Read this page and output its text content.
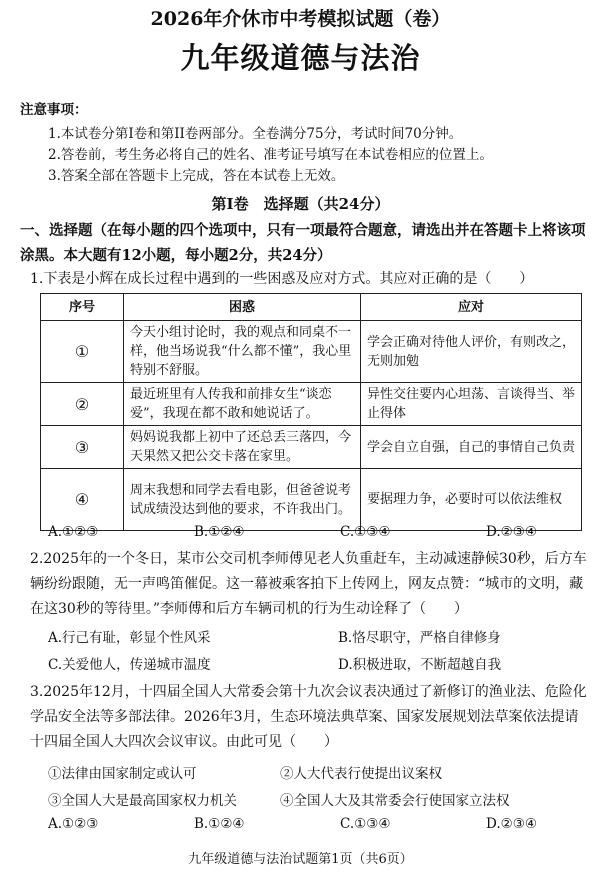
2026年介休市中考模拟试题（卷）
九年级道德与法治
注意事项：
1.本试卷分第I卷和第II卷两部分。全卷满分75分，考试时间70分钟。
2.答卷前，考生务必将自己的姓名、准考证号填写在本试卷相应的位置上。
3.答案全部在答题卡上完成，答在本试卷上无效。
第Ⅰ卷　选择题（共24分）
一、选择题（在每小题的四个选项中，只有一项最符合题意，请选出并在答题卡上将该项涂黑。本大题有12小题，每小题2分，共24分）
1.下表是小辉在成长过程中遇到的一些困惑及应对方式。其应对正确的是（　　）
序号	困惑	应对
①	今天小组讨论时，我的观点和同桌不一样，他当场说我“什么都不懂”，我心里特别不舒服。	学会正确对待他人评价，有则改之，无则加勉
②	最近班里有人传我和前排女生“谈恋爱”，我现在都不敢和她说话了。	异性交往要内心坦荡、言谈得当、举止得体
③	妈妈说我都上初中了还总丢三落四，今天果然又把公交卡落在家里。	学会自立自强，自己的事情自己负责
④	周末我想和同学去看电影，但爸爸说考试成绩没达到他的要求，不许我出门。	要据理力争，必要时可以依法维权
A.①②③	B.①②④	C.①③④	D.②③④
2.2025年的一个冬日，某市公交司机李师傅见老人负重赶车，主动减速静候30秒，后方车辆纷纷跟随，无一声鸣笛催促。这一幕被乘客拍下上传网上，网友点赞：“城市的文明，藏在这30秒的等待里。”李师傅和后方车辆司机的行为生动诠释了（　　）
A.行己有耻，彰显个性风采	B.恪尽职守，严格自律修身
C.关爱他人，传递城市温度	D.积极进取，不断超越自我
3.2025年12月，十四届全国人大常委会第十九次会议表决通过了新修订的渔业法、危险化学品安全法等多部法律。2026年3月，生态环境法典草案、国家发展规划法草案依法提请十四届全国人大四次会议审议。由此可见（　　）
①法律由国家制定或认可	②人大代表行使提出议案权
③全国人大是最高国家权力机关	④全国人大及其常委会行使国家立法权
A.①②③	B.①②④	C.①③④	D.②③④
九年级道德与法治试题第1页（共6页）
